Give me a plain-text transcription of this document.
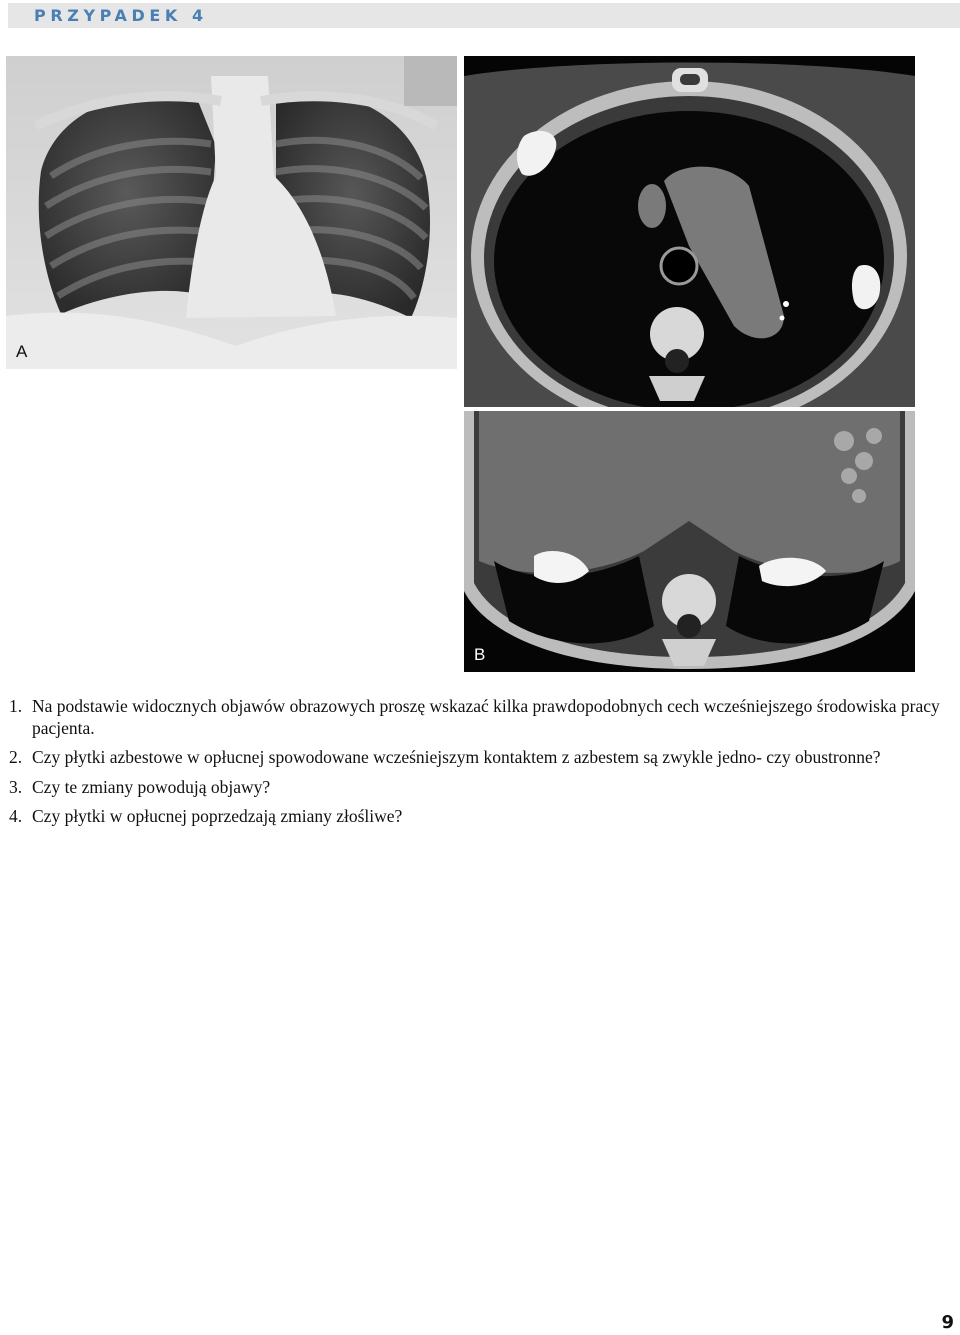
PRZYPADEK 4
A
B
1. Na podstawie widocznych objawów obrazowych proszę wskazać kilka prawdopodobnych cech wcześniejszego środowiska pracy pacjenta.
2. Czy płytki azbestowe w opłucnej spowodowane wcześniejszym kontaktem z azbestem są zwykle jedno- czy obustronne?
3. Czy te zmiany powodują objawy?
4. Czy płytki w opłucnej poprzedzają zmiany złośliwe?
9
